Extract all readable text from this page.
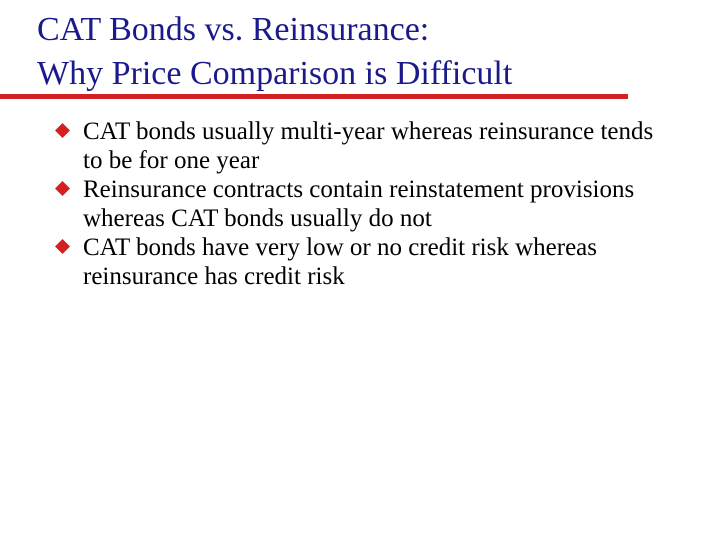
CAT Bonds vs. Reinsurance:
Why Price Comparison is Difficult
CAT bonds usually multi-year whereas reinsurance tends to be for one year
Reinsurance contracts contain reinstatement provisions whereas CAT bonds usually do not
CAT bonds have very low or no credit risk whereas reinsurance has credit risk
